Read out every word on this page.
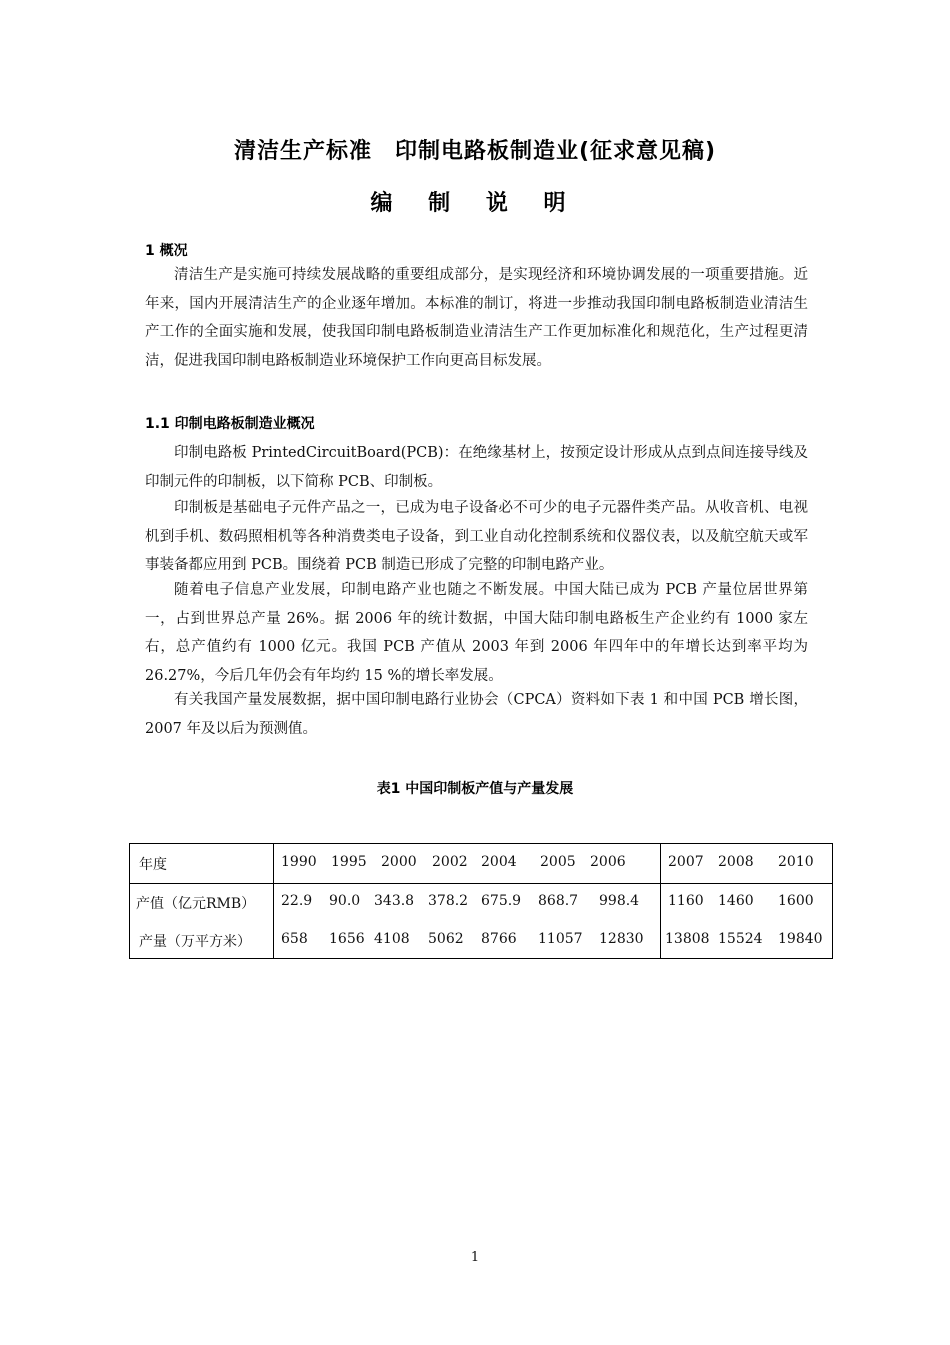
清洁生产标准　印制电路板制造业(征求意见稿)
编 制 说 明
1 概况

清洁生产是实施可持续发展战略的重要组成部分，是实现经济和环境协调发展的一项重要措施。近年来，国内开展清洁生产的企业逐年增加。本标准的制订，将进一步推动我国印制电路板制造业清洁生产工作的全面实施和发展，使我国印制电路板制造业清洁生产工作更加标准化和规范化，生产过程更清洁，促进我国印制电路板制造业环境保护工作向更高目标发展。

1.1 印制电路板制造业概况

印制电路板 PrintedCircuitBoard(PCB)：在绝缘基材上，按预定设计形成从点到点间连接导线及印制元件的印制板，以下简称 PCB、印制板。

印制板是基础电子元件产品之一，已成为电子设备必不可少的电子元器件类产品。从收音机、电视机到手机、数码照相机等各种消费类电子设备，到工业自动化控制系统和仪器仪表，以及航空航天或军事装备都应用到 PCB。围绕着 PCB 制造已形成了完整的印制电路产业。

随着电子信息产业发展，印制电路产业也随之不断发展。中国大陆已成为 PCB 产量位居世界第一，占到世界总产量 26%。据 2006 年的统计数据，中国大陆印制电路板生产企业约有 1000 家左右，总产值约有 1000 亿元。我国 PCB 产值从 2003 年到 2006 年四年中的年增长达到率平均为 26.27%，今后几年仍会有年均约 15 %的增长率发展。

有关我国产量发展数据，据中国印制电路行业协会（CPCA）资料如下表 1 和中国 PCB 增长图，2007 年及以后为预测值。

表1 中国印制板产值与产量发展
年度
产值（亿元RMB）
产量（万平方米）
1990 1995 2000 2002 2004 2005 2006	2007 2008 2010
22.9 90.0 343.8 378.2 675.9 868.7 998.4 1160 1460 1600
658 1656 4108 5062 8766 11057 12830 13808 15524 19840
1
